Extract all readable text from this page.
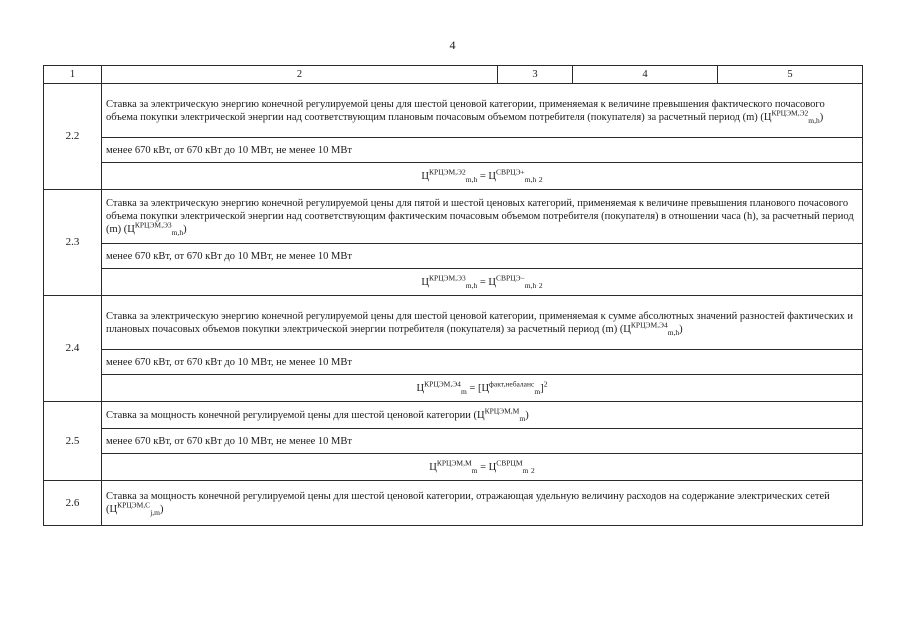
4
1	2	3	4	5
2.2	Ставка за электрическую энергию конечной регулируемой цены для шестой ценовой категории, применяемая к величине превышения фактического почасового объема покупки электрической энергии над соответствующим плановым почасовым объемом потребителя (покупателя) за расчетный период (m) $(Ц^{КРЦЭМ,Э2}_{m,h})$			
	менее 670 кВт, от 670 кВт до 10 МВт, не менее 10 МВт			
	$Ц^{КРЦЭМ,Э2}_{m,h} = Ц^{СВРЦЭ+}_{m,h}$ $_2$
2.3	Ставка за электрическую энергию конечной регулируемой цены для пятой и шестой ценовых категорий, применяемая к величине превышения планового почасового объема покупки электрической энергии над соответствующим фактическим почасовым объемом потребителя (покупателя) в отношении часа (h), за расчетный период (m) $(Ц^{КРЦЭМ,Э3}_{m,h})$			
	менее 670 кВт, от 670 кВт до 10 МВт, не менее 10 МВт			
	$Ц^{КРЦЭМ,Э3}_{m,h} = Ц^{СВРЦЭ-}_{m,h}$ $_2$
2.4	Ставка за электрическую энергию конечной регулируемой цены для шестой ценовой категории, применяемая к сумме абсолютных значений разностей фактических и плановых почасовых объемов покупки электрической энергии потребителя (покупателя) за расчетный период (m) $(Ц^{КРЦЭМ,Э4}_{m,h})$			
	менее 670 кВт, от 670 кВт до 10 МВт, не менее 10 МВт			
	$Ц^{КРЦЭМ,Э4}_m = [Ц^{факт,небаланс}_m]^2$
2.5	Ставка за мощность конечной регулируемой цены для шестой ценовой категории $(Ц^{КРЦЭМ,М}_m)$			
	менее 670 кВт, от 670 кВт до 10 МВт, не менее 10 МВт			
	$Ц^{КРЦЭМ,М}_m = Ц^{СВРЦМ}_m$ $_2$
2.6	Ставка за мощность конечной регулируемой цены для шестой ценовой категории, отражающая удельную величину расходов на содержание электрических сетей $(Ц^{КРЦЭМ,С}_{j,m})$			
